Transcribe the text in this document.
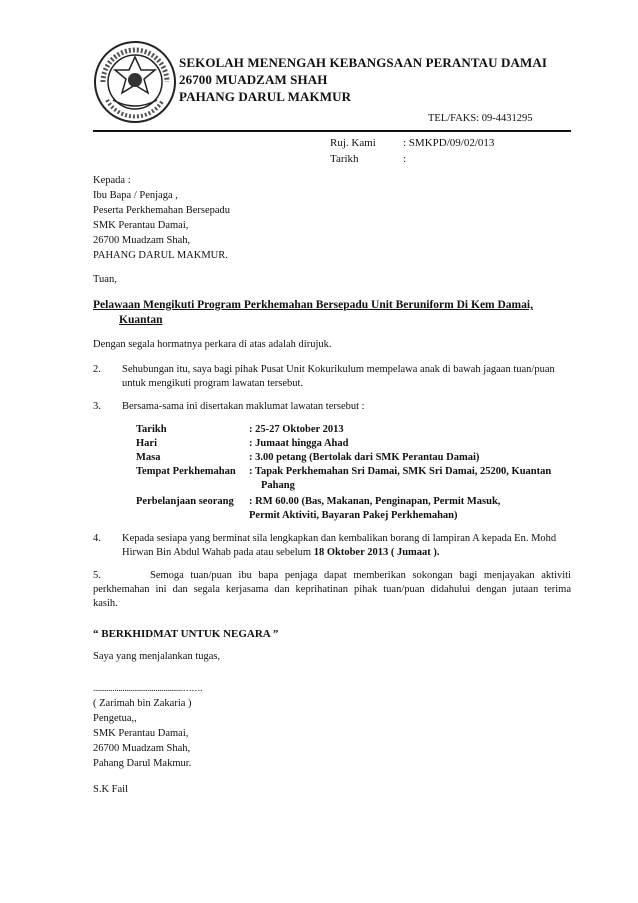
SEKOLAH MENENGAH KEBANGSAAN PERANTAU DAMAI
26700 MUADZAM SHAH
PAHANG DARUL MAKMUR
TEL/FAKS: 09-4431295
Ruj. Kami : SMKPD/09/02/013
Tarikh	:
Kepada :
Ibu Bapa / Penjaga ,
Peserta Perkhemahan Bersepadu
SMK Perantau Damai,
26700 Muadzam Shah,
PAHANG DARUL MAKMUR.
Tuan,
Pelawaan Mengikuti Program Perkhemahan Bersepadu Unit Beruniform Di Kem Damai,
Kuantan
Dengan segala hormatnya perkara di atas adalah dirujuk.
2. Sehubungan itu, saya bagi pihak Pusat Unit Kokurikulum mempelawa anak di bawah jagaan tuan/puan
untuk mengikuti program lawatan tersebut.
3. Bersama-sama ini disertakan maklumat lawatan tersebut :
Tarikh	: 25-27 Oktober 2013
Hari	: Jumaat hingga Ahad
Masa	: 3.00 petang (Bertolak dari SMK Perantau Damai)
Tempat Perkhemahan : Tapak Perkhemahan Sri Damai, SMK Sri Damai, 25200, Kuantan
Pahang
Perbelanjaan seorang : RM 60.00 (Bas, Makanan, Penginapan, Permit Masuk,
Permit Aktiviti, Bayaran Pakej Perkhemahan)
4. Kepada sesiapa yang berminat sila lengkapkan dan kembalikan borang di lampiran A kepada En. Mohd
Hirwan Bin Abdul Wahab pada atau sebelum 18 Oktober 2013 ( Jumaat ).
5.	Semoga tuan/puan ibu bapa penjaga dapat memberikan sokongan bagi menjayakan aktiviti
perkhemahan ini dan segala kerjasama dan keprihatinan pihak tuan/puan didahului dengan jutaan terima
kasih.
“ BERKHIDMAT UNTUK NEGARA ”
Saya yang menjalankan tugas,
..............................................…….
( Zarimah bin Zakaria )
Pengetua,,
SMK Perantau Damai,
26700 Muadzam Shah,
Pahang Darul Makmur.
S.K Fail
